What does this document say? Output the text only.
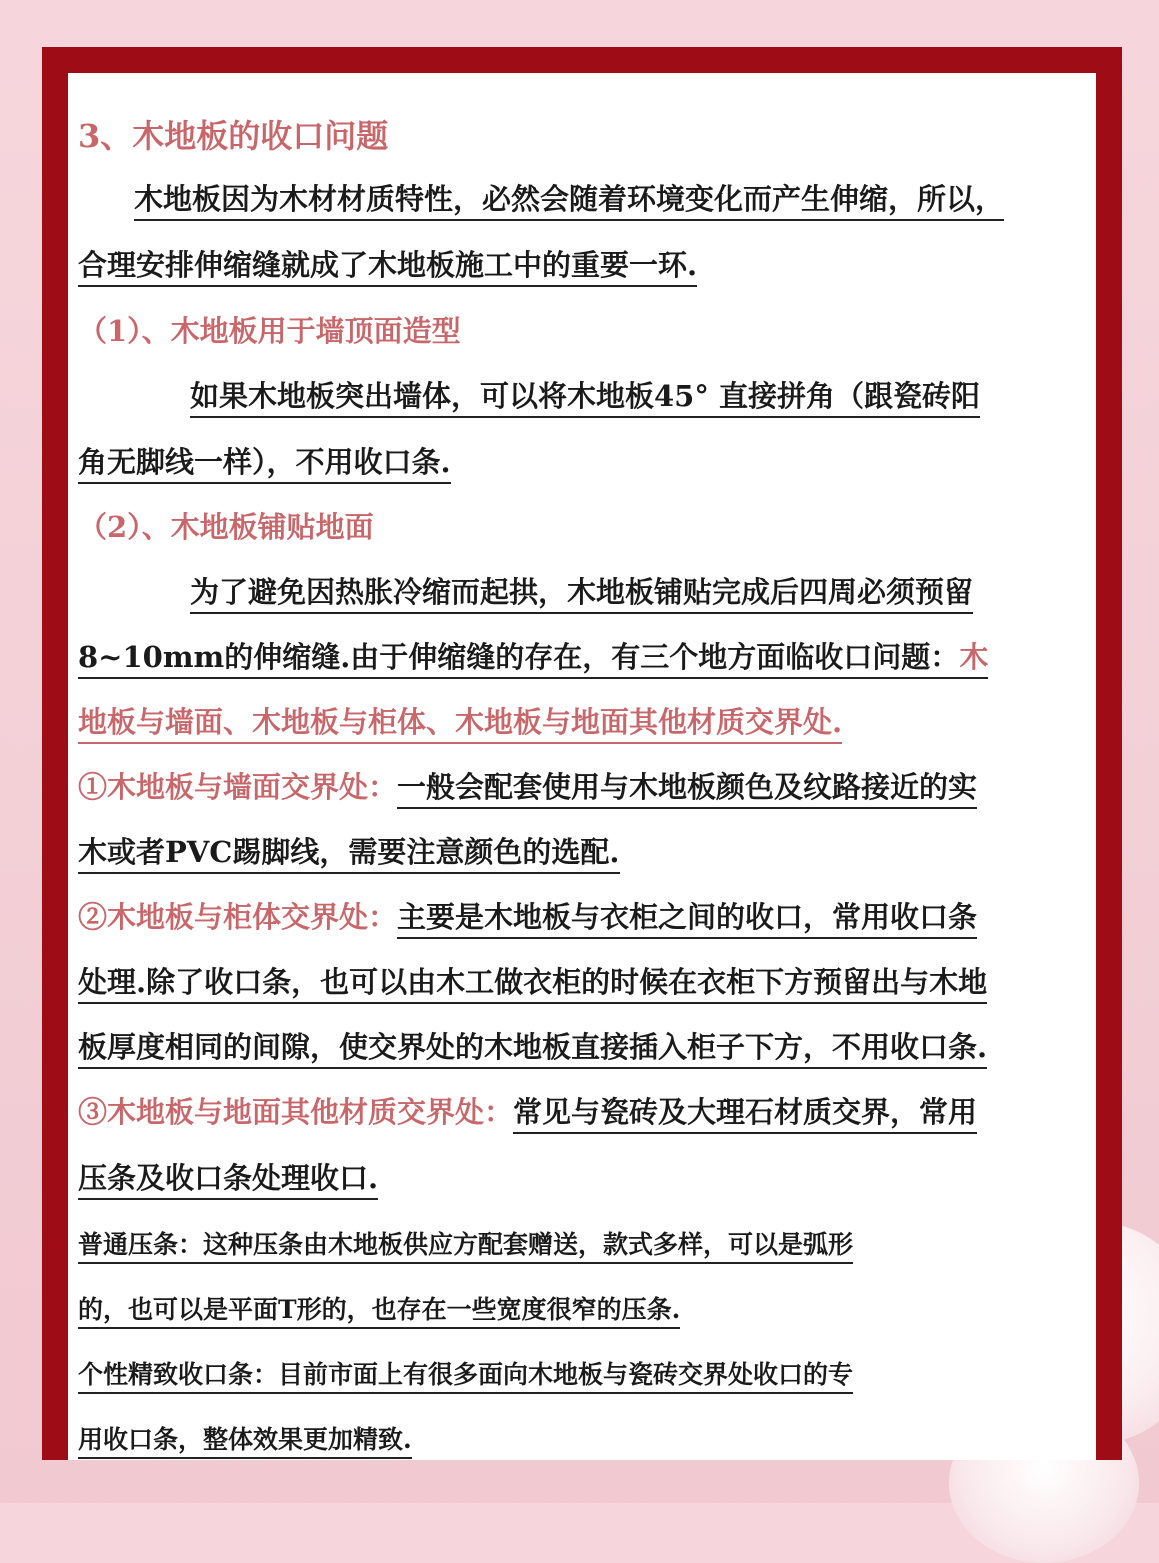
3、木地板的收口问题
木地板因为木材材质特性，必然会随着环境变化而产生伸缩，所以，
合理安排伸缩缝就成了木地板施工中的重要一环.
（1）、木地板用于墙顶面造型
如果木地板突出墙体，可以将木地板45° 直接拼角（跟瓷砖阳
角无脚线一样），不用收口条.
（2）、木地板铺贴地面
为了避免因热胀冷缩而起拱，木地板铺贴完成后四周必须预留
8~10mm的伸缩缝.由于伸缩缝的存在，有三个地方面临收口问题：木
地板与墙面、木地板与柜体、木地板与地面其他材质交界处.
①木地板与墙面交界处：一般会配套使用与木地板颜色及纹路接近的实
木或者PVC踢脚线，需要注意颜色的选配.
②木地板与柜体交界处：主要是木地板与衣柜之间的收口，常用收口条
处理.除了收口条，也可以由木工做衣柜的时候在衣柜下方预留出与木地
板厚度相同的间隙，使交界处的木地板直接插入柜子下方，不用收口条.
③木地板与地面其他材质交界处：常见与瓷砖及大理石材质交界，常用
压条及收口条处理收口.
普通压条：这种压条由木地板供应方配套赠送，款式多样，可以是弧形
的，也可以是平面T形的，也存在一些宽度很窄的压条.
个性精致收口条：目前市面上有很多面向木地板与瓷砖交界处收口的专
用收口条，整体效果更加精致.
